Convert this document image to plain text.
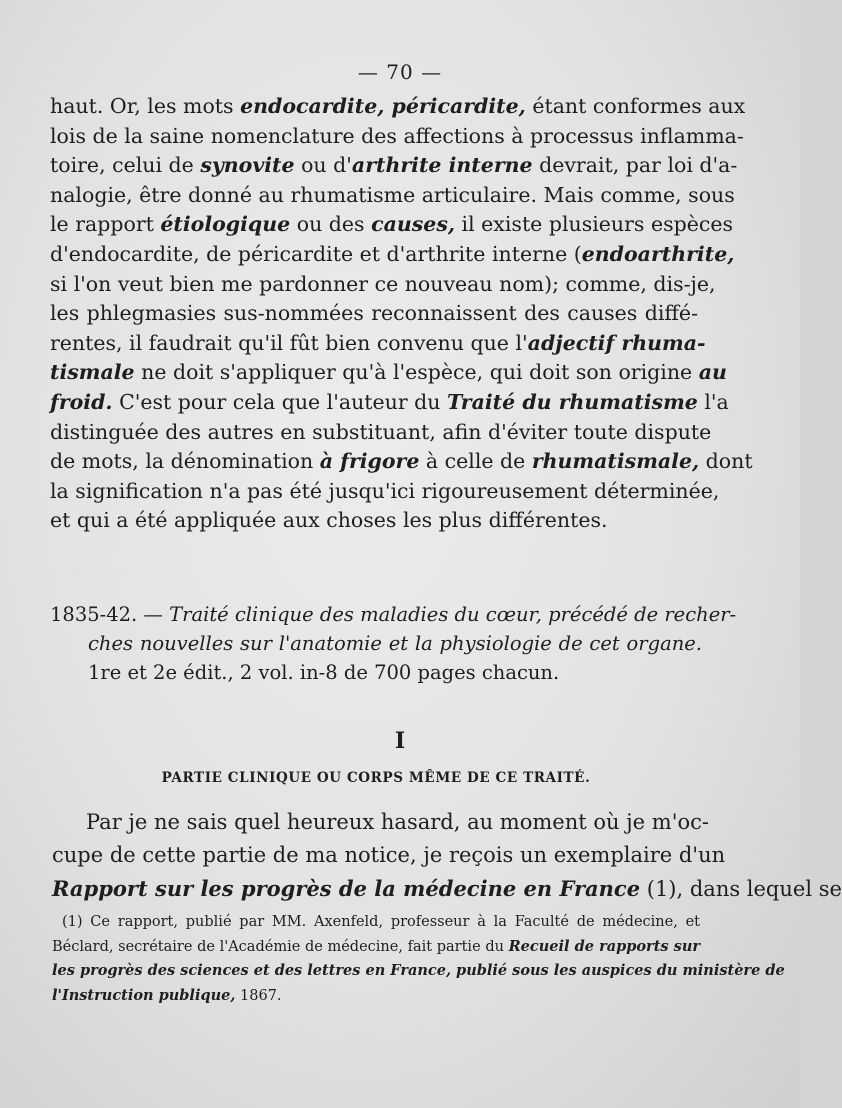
— 70 —
haut. Or, les mots endocardite, péricardite, étant conformes aux
lois de la saine nomenclature des affections à processus inflamma-
toire, celui de synovite ou d'arthrite interne devrait, par loi d'a-
nalogie, être donné au rhumatisme articulaire. Mais comme, sous
le rapport étiologique ou des causes, il existe plusieurs espèces
d'endocardite, de péricardite et d'arthrite interne (endoarthrite,
si l'on veut bien me pardonner ce nouveau nom); comme, dis-je,
les phlegmasies sus-nommées reconnaissent des causes diffé-
rentes, il faudrait qu'il fût bien convenu que l'adjectif rhuma-
tismale ne doit s'appliquer qu'à l'espèce, qui doit son origine au
froid. C'est pour cela que l'auteur du Traité du rhumatisme l'a
distinguée des autres en substituant, afin d'éviter toute dispute
de mots, la dénomination à frigore à celle de rhumatismale, dont
la signification n'a pas été jusqu'ici rigoureusement déterminée,
et qui a été appliquée aux choses les plus différentes.
1835-42. — Traité clinique des maladies du cœur, précédé de recher-
ches nouvelles sur l'anatomie et la physiologie de cet organe.
1re et 2e édit., 2 vol. in-8 de 700 pages chacun.
I
PARTIE CLINIQUE OU CORPS MÊME DE CE TRAITÉ.
Par je ne sais quel heureux hasard, au moment où je m'oc-
cupe de cette partie de ma notice, je reçois un exemplaire d'un
Rapport sur les progrès de la médecine en France (1), dans lequel se
(1) Ce rapport, publié par MM. Axenfeld, professeur à la Faculté de médecine, et
Béclard, secrétaire de l'Académie de médecine, fait partie du Recueil de rapports sur
les progrès des sciences et des lettres en France, publié sous les auspices du ministère de
l'Instruction publique, 1867.
